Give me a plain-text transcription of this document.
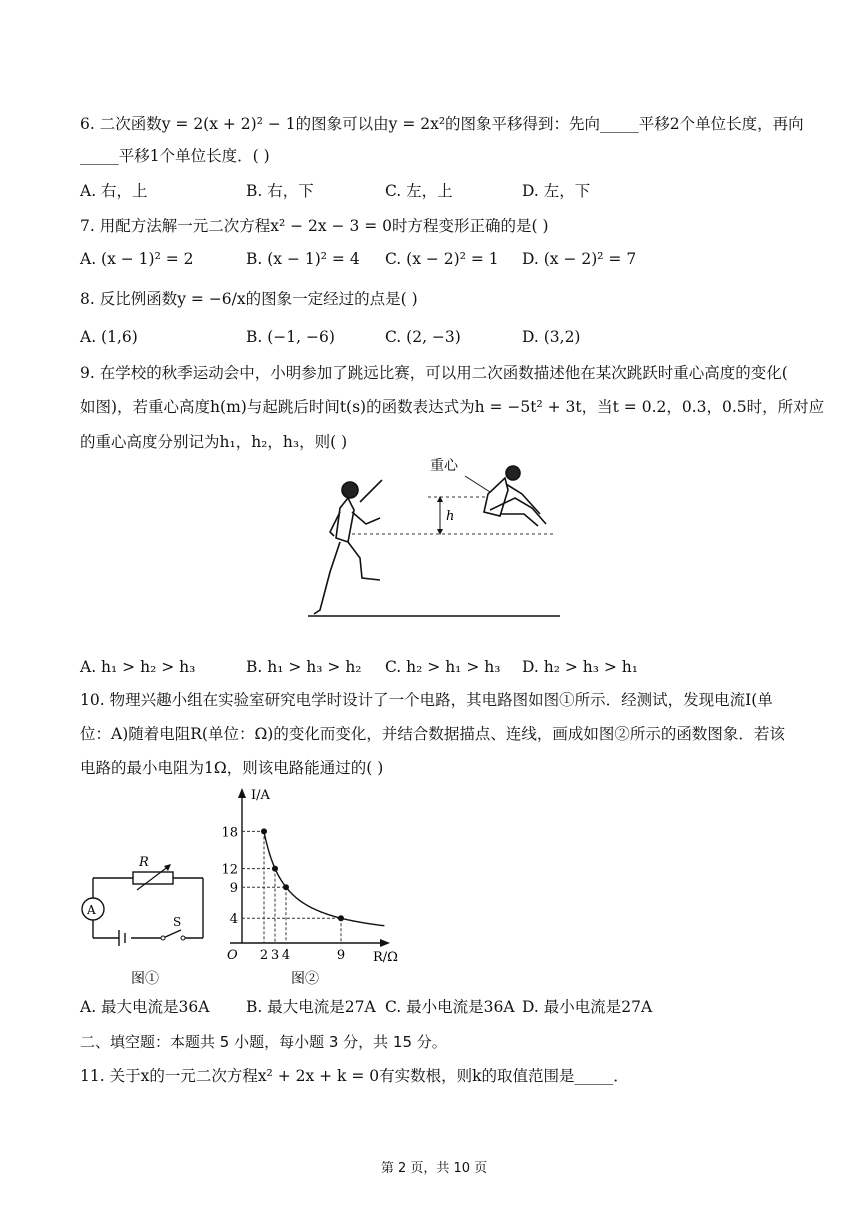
6. 二次函数y = 2(x + 2)² − 1的图象可以由y = 2x²的图象平移得到：先向_____平移2个单位长度，再向
_____平移1个单位长度．( )
A. 右，上	B. 右，下	C. 左，上	D. 左，下
7. 用配方法解一元二次方程x² − 2x − 3 = 0时方程变形正确的是( )
A. (x − 1)² = 2	B. (x − 1)² = 4 C. (x − 2)² = 1 D. (x − 2)² = 7
8. 反比例函数y = −6/x的图象一定经过的点是( )
A. (1,6)	B. (−1, −6)	C. (2, −3)	D. (3,2)
9. 在学校的秋季运动会中，小明参加了跳远比赛，可以用二次函数描述他在某次跳跃时重心高度的变化(
如图)，若重心高度h(m)与起跳后时间t(s)的函数表达式为h = −5t² + 3t，当t = 0.2，0.3，0.5时，所对应
的重心高度分别记为h₁，h₂，h₃，则( )
h
重心
A. h₁ > h₂ > h₃	B. h₁ > h₃ > h₂ C. h₂ > h₁ > h₃ D. h₂ > h₃ > h₁
10. 物理兴趣小组在实验室研究电学时设计了一个电路，其电路图如图①所示．经测试，发现电流I(单
位：A)随着电阻R(单位：Ω)的变化而变化，并结合数据描点、连线，画成如图②所示的函数图象．若该
电路的最小电阻为1Ω，则该电路能通过的( )
R
A
S
图①
I/A
R/Ω
O
4
9
12
18
2 3 4	9
图②
A. 最大电流是36A B. 最大电流是27A C. 最小电流是36A D. 最小电流是27A
二、填空题：本题共 5 小题，每小题 3 分，共 15 分。
11. 关于x的一元二次方程x² + 2x + k = 0有实数根，则k的取值范围是_____．
第 2 页，共 10 页
